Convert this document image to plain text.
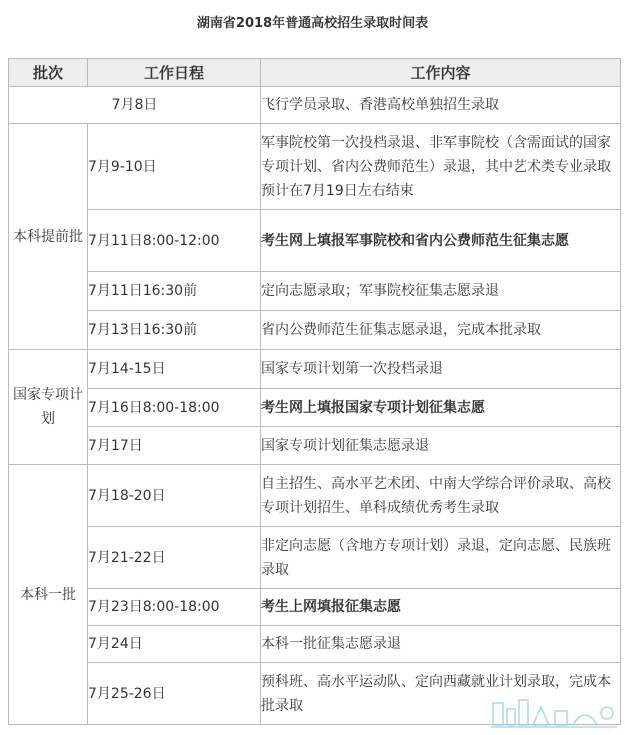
湖南省2018年普通高校招生录取时间表
批次	工作日程	工作内容
7月8日		飞行学员录取、香港高校单独招生录取
本科提前批	7月9-10日	军事院校第一次投档录退、非军事院校（含需面试的国家专项计划、省内公费师范生）录退，其中艺术类专业录取预计在7月19日左右结束
	7月11日8:00-12:00	考生网上填报军事院校和省内公费师范生征集志愿
	7月11日16:30前	定向志愿录取；军事院校征集志愿录退
	7月13日16:30前	省内公费师范生征集志愿录退，完成本批录取
国家专项计划	7月14-15日	国家专项计划第一次投档录退
	7月16日8:00-18:00	考生网上填报国家专项计划征集志愿
	7月17日	国家专项计划征集志愿录退
本科一批	7月18-20日	自主招生、高水平艺术团、中南大学综合评价录取、高校专项计划招生、单科成绩优秀考生录取
	7月21-22日	非定向志愿（含地方专项计划）录退，定向志愿、民族班录取
	7月23日8:00-18:00	考生上网填报征集志愿
	7月24日	本科一批征集志愿录退
	7月25-26日	预科班、高水平运动队、定向西藏就业计划录取，完成本批录取
